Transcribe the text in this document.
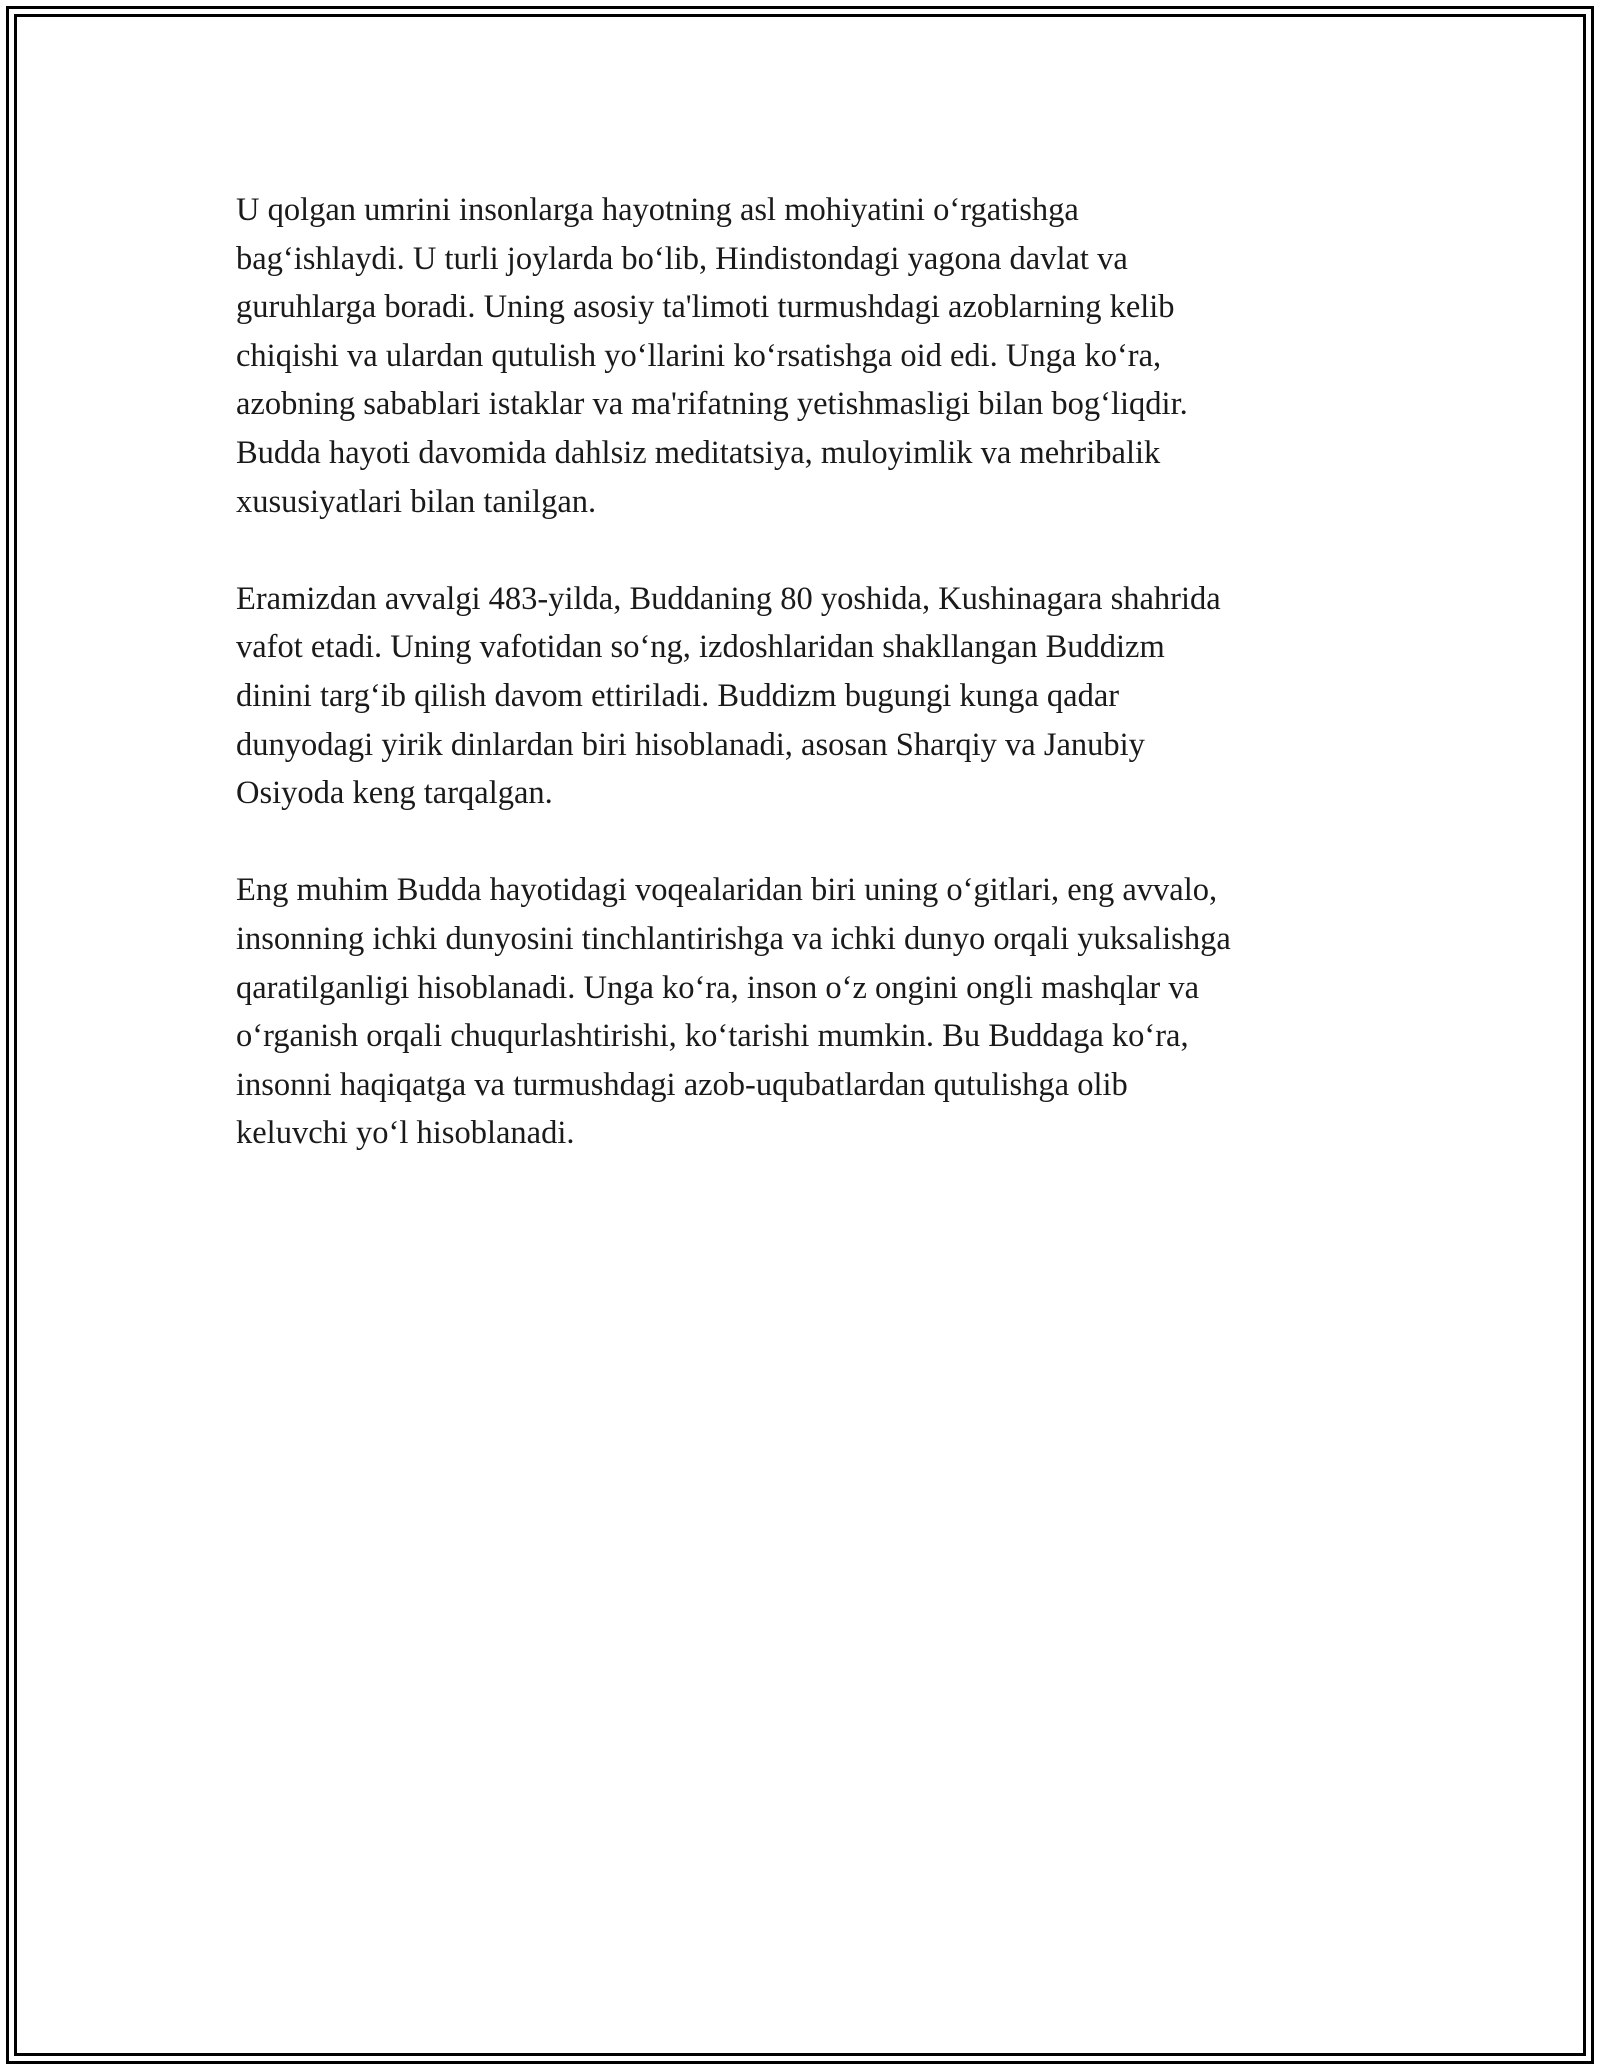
U qolgan umrini insonlarga hayotning asl mohiyatini o‘rgatishga
bag‘ishlaydi. U turli joylarda bo‘lib, Hindistondagi yagona davlat va
guruhlarga boradi. Uning asosiy ta'limoti turmushdagi azoblarning kelib
chiqishi va ulardan qutulish yo‘llarini ko‘rsatishga oid edi. Unga ko‘ra,
azobning sabablari istaklar va ma'rifatning yetishmasligi bilan bog‘liqdir.
Budda hayoti davomida dahlsiz meditatsiya, muloyimlik va mehribalik
xususiyatlari bilan tanilgan.

Eramizdan avvalgi 483-yilda, Buddaning 80 yoshida, Kushinagara shahrida
vafot etadi. Uning vafotidan so‘ng, izdoshlaridan shakllangan Buddizm
dinini targ‘ib qilish davom ettiriladi. Buddizm bugungi kunga qadar
dunyodagi yirik dinlardan biri hisoblanadi, asosan Sharqiy va Janubiy
Osiyoda keng tarqalgan.

Eng muhim Budda hayotidagi voqealaridan biri uning o‘gitlari, eng avvalo,
insonning ichki dunyosini tinchlantirishga va ichki dunyo orqali yuksalishga
qaratilganligi hisoblanadi. Unga ko‘ra, inson o‘z ongini ongli mashqlar va
o‘rganish orqali chuqurlashtirishi, ko‘tarishi mumkin. Bu Buddaga ko‘ra,
insonni haqiqatga va turmushdagi azob-uqubatlardan qutulishga olib
keluvchi yo‘l hisoblanadi.
